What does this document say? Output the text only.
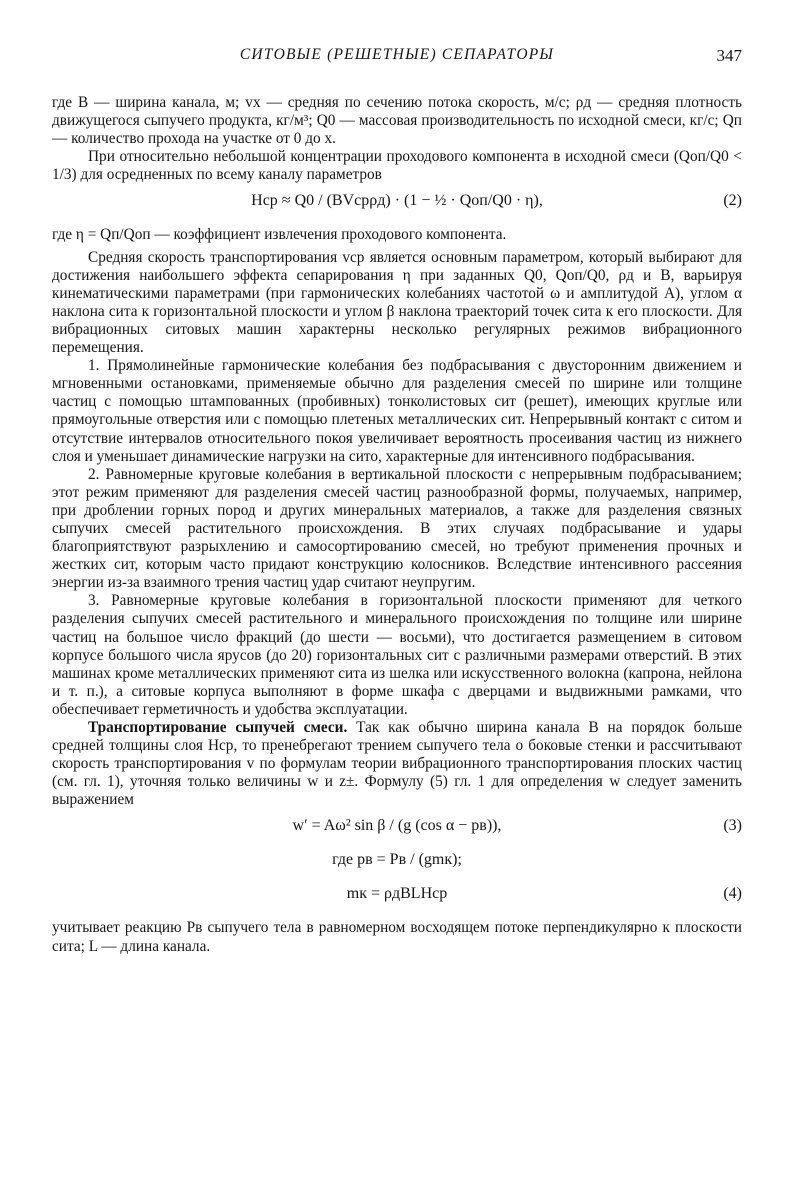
СИТОВЫЕ (РЕШЕТНЫЕ) СЕПАРАТОРЫ	347

где B — ширина канала, м; vx — средняя по сечению потока скорость, м/с; ρд — средняя плотность движущегося сыпучего продукта, кг/м³; Q0 — массовая производительность по исходной смеси, кг/с; Qп — количество прохода на участке от 0 до x.

При относительно небольшой концентрации проходового компонента в исходной смеси (Qоп/Q0 < 1/3) для осредненных по всему каналу параметров

Hср ≈ Q0 / (BVсрρд) · (1 − ½ · Qоп/Q0 · η),	(2)

где η = Qп/Qоп — коэффициент извлечения проходового компонента.

Средняя скорость транспортирования vср является основным параметром, который выбирают для достижения наибольшего эффекта сепарирования η при заданных Q0, Qоп/Q0, ρд и B, варьируя кинематическими параметрами (при гармонических колебаниях частотой ω и амплитудой A), углом α наклона сита к горизонтальной плоскости и углом β наклона траекторий точек сита к его плоскости. Для вибрационных ситовых машин характерны несколько регулярных режимов вибрационного перемещения.

1. Прямолинейные гармонические колебания без подбрасывания с двусторонним движением и мгновенными остановками, применяемые обычно для разделения смесей по ширине или толщине частиц с помощью штампованных (пробивных) тонколистовых сит (решет), имеющих круглые или прямоугольные отверстия или с помощью плетеных металлических сит. Непрерывный контакт с ситом и отсутствие интервалов относительного покоя увеличивает вероятность просеивания частиц из нижнего слоя и уменьшает динамические нагрузки на сито, характерные для интенсивного подбрасывания.

2. Равномерные круговые колебания в вертикальной плоскости с непрерывным подбрасыванием; этот режим применяют для разделения смесей частиц разнообразной формы, получаемых, например, при дроблении горных пород и других минеральных материалов, а также для разделения связных сыпучих смесей растительного происхождения. В этих случаях подбрасывание и удары благоприятствуют разрыхлению и самосортированию смесей, но требуют применения прочных и жестких сит, которым часто придают конструкцию колосников. Вследствие интенсивного рассеяния энергии из-за взаимного трения частиц удар считают неупругим.

3. Равномерные круговые колебания в горизонтальной плоскости применяют для четкого разделения сыпучих смесей растительного и минерального происхождения по толщине или ширине частиц на большое число фракций (до шести — восьми), что достигается размещением в ситовом корпусе большого числа ярусов (до 20) горизонтальных сит с различными размерами отверстий. В этих машинах кроме металлических применяют сита из шелка или искусственного волокна (капрона, нейлона и т. п.), а ситовые корпуса выполняют в форме шкафа с дверцами и выдвижными рамками, что обеспечивает герметичность и удобства эксплуатации.

Транспортирование сыпучей смеси. Так как обычно ширина канала B на порядок больше средней толщины слоя Hср, то пренебрегают трением сыпучего тела о боковые стенки и рассчитывают скорость транспортирования v по формулам теории вибрационного транспортирования плоских частиц (см. гл. 1), уточняя только величины w и z±. Формулу (5) гл. 1 для определения w следует заменить выражением

w′ = Aω² sin β / (g (cos α − pв)),	(3)
где pв = Pв / (gmк);
mк = ρдBLHср	(4)

учитывает реакцию Pв сыпучего тела в равномерном восходящем потоке перпендикулярно к плоскости сита; L — длина канала.
